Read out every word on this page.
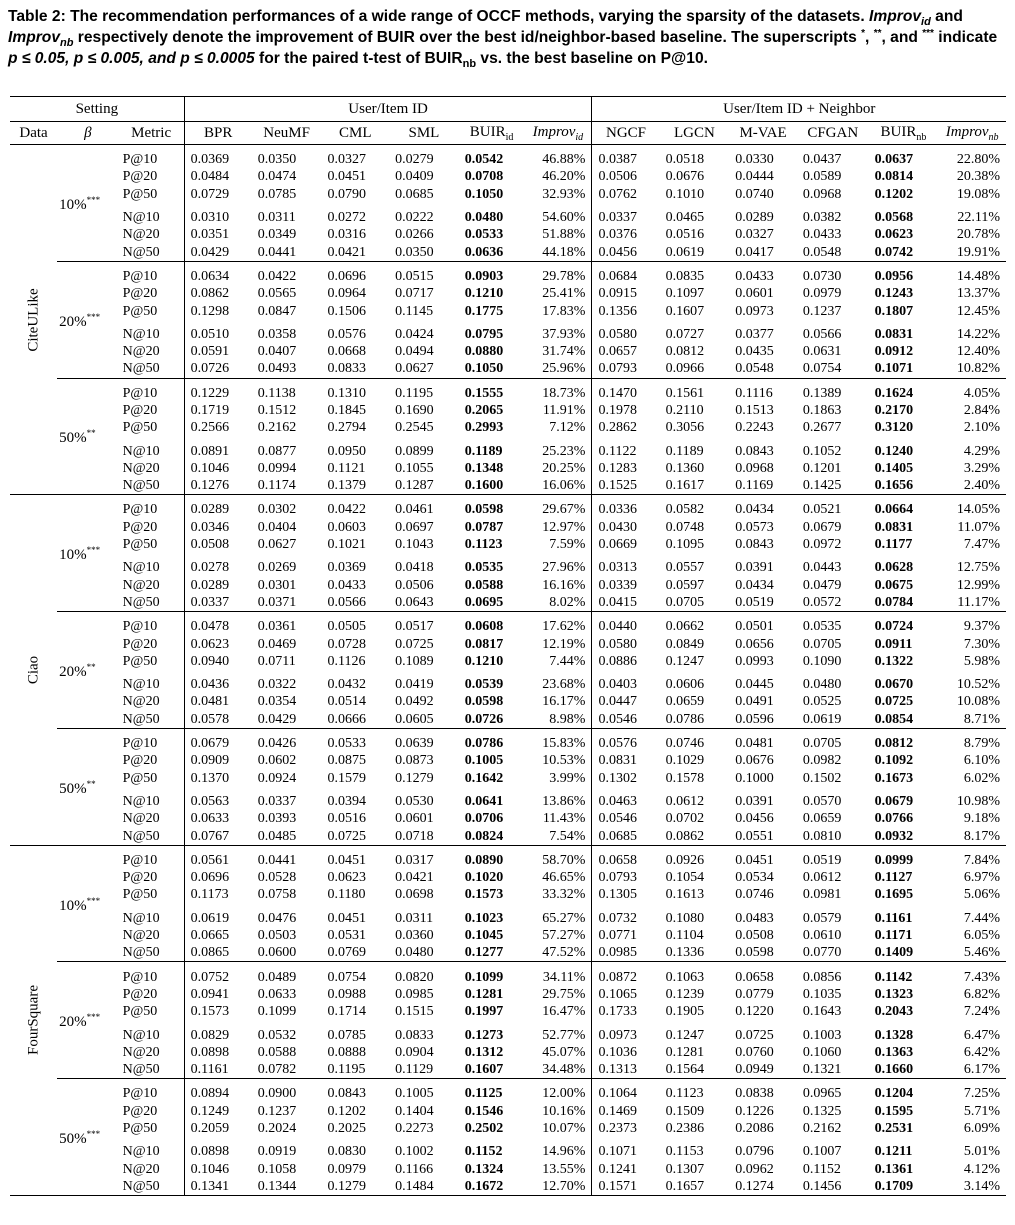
Table 2: The recommendation performances of a wide range of OCCF methods, varying the sparsity of the datasets. Improv$_{id}$ and Improv$_{nb}$ respectively denote the improvement of BUIR over the best id/neighbor-based baseline. The superscripts *, **, and *** indicate p ≤ 0.05, p ≤ 0.005, and p ≤ 0.0005 for the paired t-test of $BUIR_{nb}$ vs. the best baseline on P@10.
Setting			User/Item ID						User/Item ID + Neighbor					
Data	β	Metric	BPR	NeuMF	CML	SML	$BUIR_{id}$	Improv$_{id}$	NGCF	LGCN	M-VAE	CFGAN	$BUIR_{nb}$	Improv$_{nb}$

CiteULike	10%***	P@10	0.0369	0.0350	0.0327	0.0279	0.0542	46.88%	0.0387	0.0518	0.0330	0.0437	0.0637	22.80%
		P@20	0.0484	0.0474	0.0451	0.0409	0.0708	46.20%	0.0506	0.0676	0.0444	0.0589	0.0814	20.38%
		P@50	0.0729	0.0785	0.0790	0.0685	0.1050	32.93%	0.0762	0.1010	0.0740	0.0968	0.1202	19.08%
		N@10	0.0310	0.0311	0.0272	0.0222	0.0480	54.60%	0.0337	0.0465	0.0289	0.0382	0.0568	22.11%
		N@20	0.0351	0.0349	0.0316	0.0266	0.0533	51.88%	0.0376	0.0516	0.0327	0.0433	0.0623	20.78%
		N@50	0.0429	0.0441	0.0421	0.0350	0.0636	44.18%	0.0456	0.0619	0.0417	0.0548	0.0742	19.91%
	20%***	P@10	0.0634	0.0422	0.0696	0.0515	0.0903	29.78%	0.0684	0.0835	0.0433	0.0730	0.0956	14.48%
		P@20	0.0862	0.0565	0.0964	0.0717	0.1210	25.41%	0.0915	0.1097	0.0601	0.0979	0.1243	13.37%
		P@50	0.1298	0.0847	0.1506	0.1145	0.1775	17.83%	0.1356	0.1607	0.0973	0.1237	0.1807	12.45%
		N@10	0.0510	0.0358	0.0576	0.0424	0.0795	37.93%	0.0580	0.0727	0.0377	0.0566	0.0831	14.22%
		N@20	0.0591	0.0407	0.0668	0.0494	0.0880	31.74%	0.0657	0.0812	0.0435	0.0631	0.0912	12.40%
		N@50	0.0726	0.0493	0.0833	0.0627	0.1050	25.96%	0.0793	0.0966	0.0548	0.0754	0.1071	10.82%
	50%**	P@10	0.1229	0.1138	0.1310	0.1195	0.1555	18.73%	0.1470	0.1561	0.1116	0.1389	0.1624	4.05%
		P@20	0.1719	0.1512	0.1845	0.1690	0.2065	11.91%	0.1978	0.2110	0.1513	0.1863	0.2170	2.84%
		P@50	0.2566	0.2162	0.2794	0.2545	0.2993	7.12%	0.2862	0.3056	0.2243	0.2677	0.3120	2.10%
		N@10	0.0891	0.0877	0.0950	0.0899	0.1189	25.23%	0.1122	0.1189	0.0843	0.1052	0.1240	4.29%
		N@20	0.1046	0.0994	0.1121	0.1055	0.1348	20.25%	0.1283	0.1360	0.0968	0.1201	0.1405	3.29%
		N@50	0.1276	0.1174	0.1379	0.1287	0.1600	16.06%	0.1525	0.1617	0.1169	0.1425	0.1656	2.40%

Ciao	10%***	P@10	0.0289	0.0302	0.0422	0.0461	0.0598	29.67%	0.0336	0.0582	0.0434	0.0521	0.0664	14.05%
		P@20	0.0346	0.0404	0.0603	0.0697	0.0787	12.97%	0.0430	0.0748	0.0573	0.0679	0.0831	11.07%
		P@50	0.0508	0.0627	0.1021	0.1043	0.1123	7.59%	0.0669	0.1095	0.0843	0.0972	0.1177	7.47%
		N@10	0.0278	0.0269	0.0369	0.0418	0.0535	27.96%	0.0313	0.0557	0.0391	0.0443	0.0628	12.75%
		N@20	0.0289	0.0301	0.0433	0.0506	0.0588	16.16%	0.0339	0.0597	0.0434	0.0479	0.0675	12.99%
		N@50	0.0337	0.0371	0.0566	0.0643	0.0695	8.02%	0.0415	0.0705	0.0519	0.0572	0.0784	11.17%
	20%**	P@10	0.0478	0.0361	0.0505	0.0517	0.0608	17.62%	0.0440	0.0662	0.0501	0.0535	0.0724	9.37%
		P@20	0.0623	0.0469	0.0728	0.0725	0.0817	12.19%	0.0580	0.0849	0.0656	0.0705	0.0911	7.30%
		P@50	0.0940	0.0711	0.1126	0.1089	0.1210	7.44%	0.0886	0.1247	0.0993	0.1090	0.1322	5.98%
		N@10	0.0436	0.0322	0.0432	0.0419	0.0539	23.68%	0.0403	0.0606	0.0445	0.0480	0.0670	10.52%
		N@20	0.0481	0.0354	0.0514	0.0492	0.0598	16.17%	0.0447	0.0659	0.0491	0.0525	0.0725	10.08%
		N@50	0.0578	0.0429	0.0666	0.0605	0.0726	8.98%	0.0546	0.0786	0.0596	0.0619	0.0854	8.71%
	50%**	P@10	0.0679	0.0426	0.0533	0.0639	0.0786	15.83%	0.0576	0.0746	0.0481	0.0705	0.0812	8.79%
		P@20	0.0909	0.0602	0.0875	0.0873	0.1005	10.53%	0.0831	0.1029	0.0676	0.0982	0.1092	6.10%
		P@50	0.1370	0.0924	0.1579	0.1279	0.1642	3.99%	0.1302	0.1578	0.1000	0.1502	0.1673	6.02%
		N@10	0.0563	0.0337	0.0394	0.0530	0.0641	13.86%	0.0463	0.0612	0.0391	0.0570	0.0679	10.98%
		N@20	0.0633	0.0393	0.0516	0.0601	0.0706	11.43%	0.0546	0.0702	0.0456	0.0659	0.0766	9.18%
		N@50	0.0767	0.0485	0.0725	0.0718	0.0824	7.54%	0.0685	0.0862	0.0551	0.0810	0.0932	8.17%

FourSquare	10%***	P@10	0.0561	0.0441	0.0451	0.0317	0.0890	58.70%	0.0658	0.0926	0.0451	0.0519	0.0999	7.84%
		P@20	0.0696	0.0528	0.0623	0.0421	0.1020	46.65%	0.0793	0.1054	0.0534	0.0612	0.1127	6.97%
		P@50	0.1173	0.0758	0.1180	0.0698	0.1573	33.32%	0.1305	0.1613	0.0746	0.0981	0.1695	5.06%
		N@10	0.0619	0.0476	0.0451	0.0311	0.1023	65.27%	0.0732	0.1080	0.0483	0.0579	0.1161	7.44%
		N@20	0.0665	0.0503	0.0531	0.0360	0.1045	57.27%	0.0771	0.1104	0.0508	0.0610	0.1171	6.05%
		N@50	0.0865	0.0600	0.0769	0.0480	0.1277	47.52%	0.0985	0.1336	0.0598	0.0770	0.1409	5.46%
	20%***	P@10	0.0752	0.0489	0.0754	0.0820	0.1099	34.11%	0.0872	0.1063	0.0658	0.0856	0.1142	7.43%
		P@20	0.0941	0.0633	0.0988	0.0985	0.1281	29.75%	0.1065	0.1239	0.0779	0.1035	0.1323	6.82%
		P@50	0.1573	0.1099	0.1714	0.1515	0.1997	16.47%	0.1733	0.1905	0.1220	0.1643	0.2043	7.24%
		N@10	0.0829	0.0532	0.0785	0.0833	0.1273	52.77%	0.0973	0.1247	0.0725	0.1003	0.1328	6.47%
		N@20	0.0898	0.0588	0.0888	0.0904	0.1312	45.07%	0.1036	0.1281	0.0760	0.1060	0.1363	6.42%
		N@50	0.1161	0.0782	0.1195	0.1129	0.1607	34.48%	0.1313	0.1564	0.0949	0.1321	0.1660	6.17%
	50%***	P@10	0.0894	0.0900	0.0843	0.1005	0.1125	12.00%	0.1064	0.1123	0.0838	0.0965	0.1204	7.25%
		P@20	0.1249	0.1237	0.1202	0.1404	0.1546	10.16%	0.1469	0.1509	0.1226	0.1325	0.1595	5.71%
		P@50	0.2059	0.2024	0.2025	0.2273	0.2502	10.07%	0.2373	0.2386	0.2086	0.2162	0.2531	6.09%
		N@10	0.0898	0.0919	0.0830	0.1002	0.1152	14.96%	0.1071	0.1153	0.0796	0.1007	0.1211	5.01%
		N@20	0.1046	0.1058	0.0979	0.1166	0.1324	13.55%	0.1241	0.1307	0.0962	0.1152	0.1361	4.12%
		N@50	0.1341	0.1344	0.1279	0.1484	0.1672	12.70%	0.1571	0.1657	0.1274	0.1456	0.1709	3.14%
